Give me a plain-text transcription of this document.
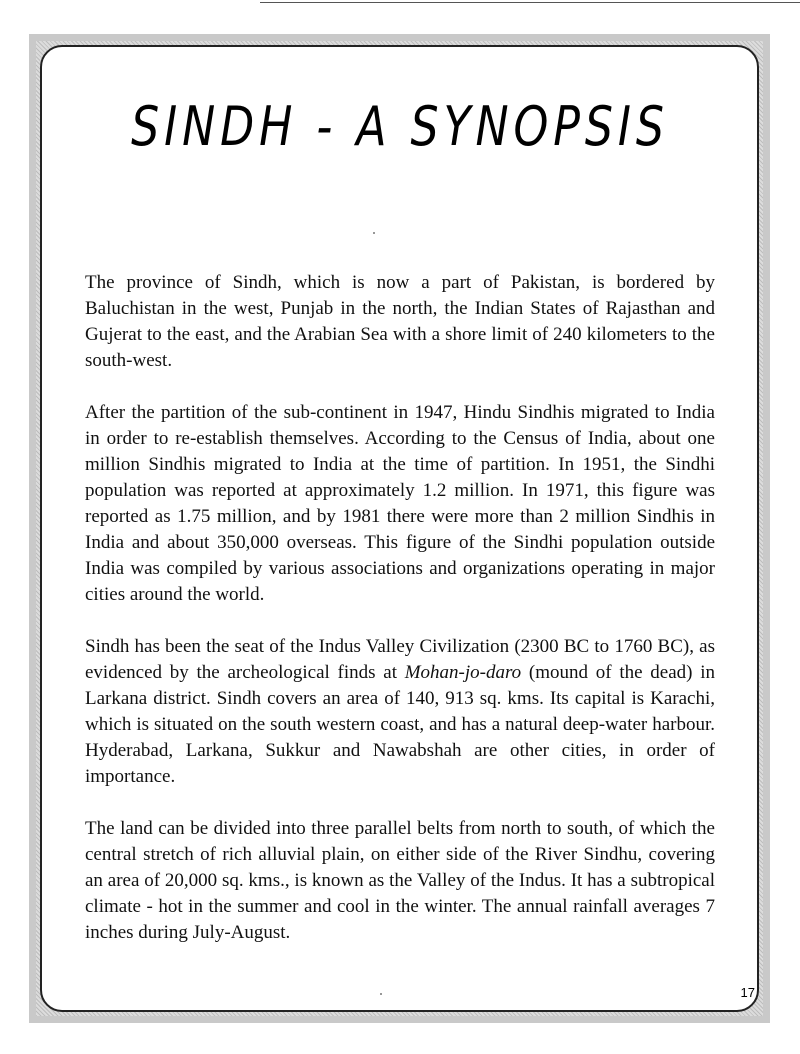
SINDH - A SYNOPSIS

The province of Sindh, which is now a part of Pakistan, is bordered by Baluchistan in the west, Punjab in the north, the Indian States of Rajasthan and Gujerat to the east, and the Arabian Sea with a shore limit of 240 kilometers to the south-west.

After the partition of the sub-continent in 1947, Hindu Sindhis migrated to India in order to re-establish themselves. According to the Census of India, about one million Sindhis migrated to India at the time of partition. In 1951, the Sindhi population was reported at approximately 1.2 million. In 1971, this figure was reported as 1.75 million, and by 1981 there were more than 2 million Sindhis in India and about 350,000 overseas. This figure of the Sindhi population outside India was compiled by various associations and organizations operating in major cities around the world.

Sindh has been the seat of the Indus Valley Civilization (2300 BC to 1760 BC), as evidenced by the archeological finds at Mohan-jo-daro (mound of the dead) in Larkana district. Sindh covers an area of 140, 913 sq. kms. Its capital is Karachi, which is situated on the south western coast, and has a natural deep-water harbour. Hyderabad, Larkana, Sukkur and Nawabshah are other cities, in order of importance.

The land can be divided into three parallel belts from north to south, of which the central stretch of rich alluvial plain, on either side of the River Sindhu, covering an area of 20,000 sq. kms., is known as the Valley of the Indus. It has a subtropical climate - hot in the summer and cool in the winter. The annual rainfall averages 7 inches during July-August.

17
